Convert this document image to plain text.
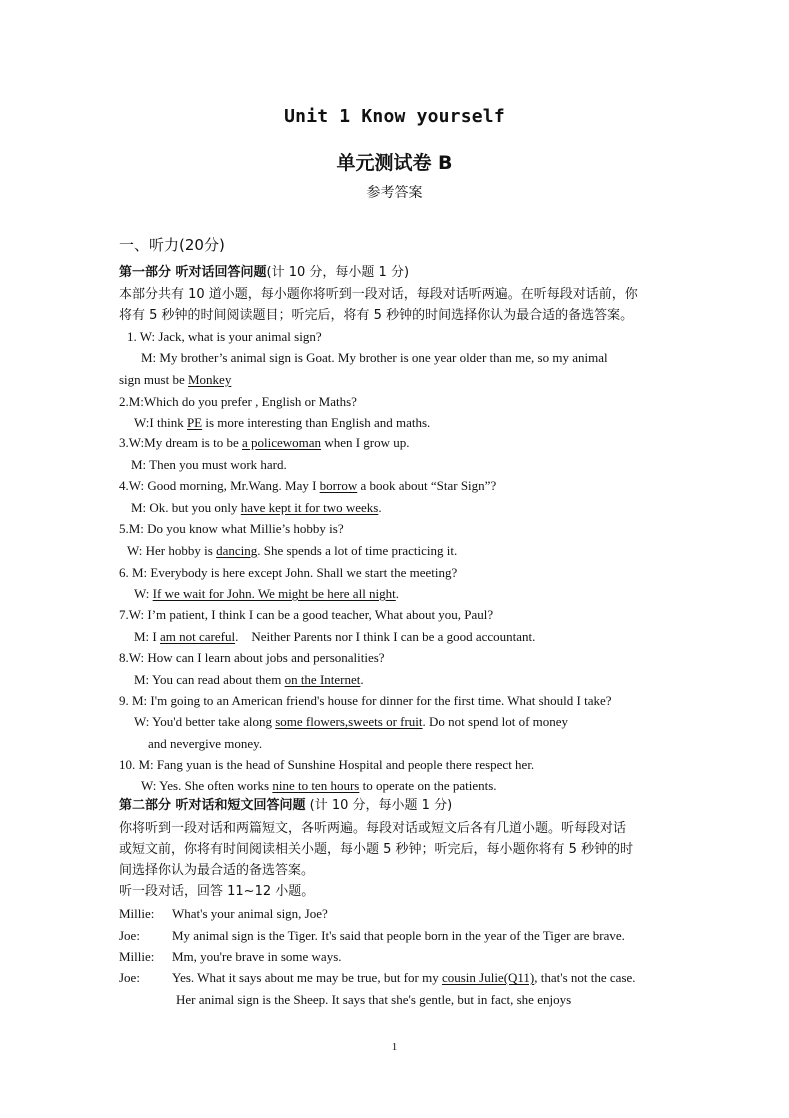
Unit 1 Know yourself
单元测试卷 B
参考答案
一、听力(20分)
第一部分 听对话回答问题(计 10 分，每小题 1 分)
本部分共有 10 道小题，每小题你将听到一段对话，每段对话听两遍。在听每段对话前，你
将有 5 秒钟的时间阅读题目；听完后，将有 5 秒钟的时间选择你认为最合适的备选答案。
1. W: Jack, what is your animal sign?
M: My brother’s animal sign is Goat. My brother is one year older than me, so my animal
sign must be Monkey
2.M:Which do you prefer , English or Maths?
W:I think PE is more interesting than English and maths.
3.W:My dream is to be a policewoman when I grow up.
M: Then you must work hard.
4.W: Good morning, Mr.Wang. May I borrow a book about “Star Sign”?
M: Ok. but you only have kept it for two weeks.
5.M: Do you know what Millie’s hobby is?
W: Her hobby is dancing. She spends a lot of time practicing it.
6. M: Everybody is here except John. Shall we start the meeting?
W: If we wait for John. We might be here all night.
7.W: I’m patient, I think I can be a good teacher, What about you, Paul?
M: I am not careful.    Neither Parents nor I think I can be a good accountant.
8.W: How can I learn about jobs and personalities?
M: You can read about them on the Internet.
9. M: I'm going to an American friend's house for dinner for the first time. What should I take?
W: You'd better take along some flowers,sweets or fruit. Do not spend lot of money
and nevergive money.
10. M: Fang yuan is the head of Sunshine Hospital and people there respect her.
W: Yes. She often works nine to ten hours to operate on the patients.
第二部分 听对话和短文回答问题 (计 10 分，每小题 1 分)
你将听到一段对话和两篇短文，各听两遍。每段对话或短文后各有几道小题。听每段对话
或短文前，你将有时间阅读相关小题，每小题 5 秒钟；听完后，每小题你将有 5 秒钟的时
间选择你认为最合适的备选答案。
听一段对话，回答 11~12 小题。
Millie: What's your animal sign, Joe?
Joe: My animal sign is the Tiger. It's said that people born in the year of the Tiger are brave.
Millie: Mm, you're brave in some ways.
Joe: Yes. What it says about me may be true, but for my cousin Julie(Q11), that's not the case.
Her animal sign is the Sheep. It says that she's gentle, but in fact, she enjoys
1
